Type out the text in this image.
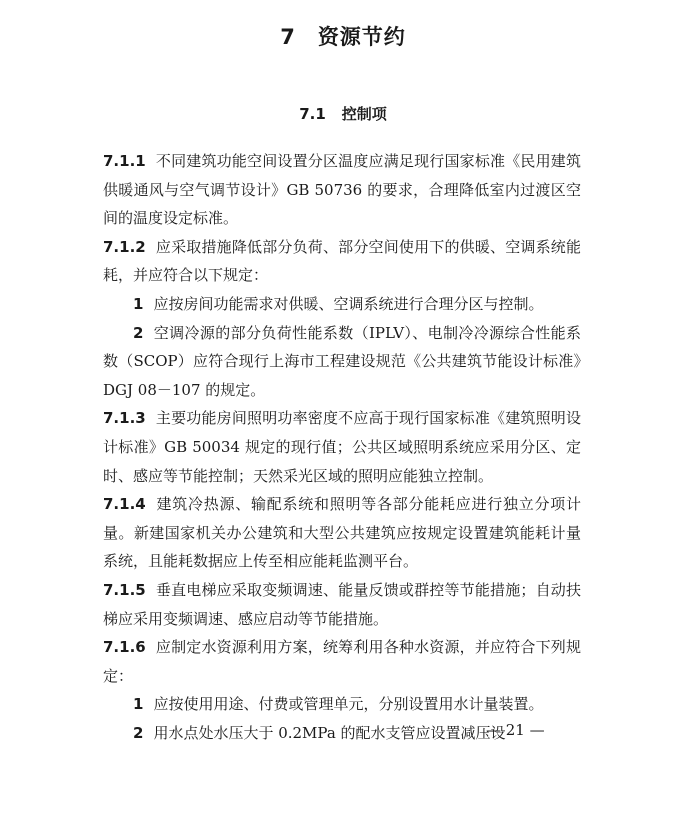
7 资源节约
7.1 控制项

7.1.1 不同建筑功能空间设置分区温度应满足现行国家标准《民用建筑供暖通风与空气调节设计》GB 50736 的要求，合理降低室内过渡区空间的温度设定标准。

7.1.2 应采取措施降低部分负荷、部分空间使用下的供暖、空调系统能耗，并应符合以下规定：

1 应按房间功能需求对供暖、空调系统进行合理分区与控制。

2 空调冷源的部分负荷性能系数（IPLV）、电制冷冷源综合性能系数（SCOP）应符合现行上海市工程建设规范《公共建筑节能设计标准》DGJ 08－107 的规定。

7.1.3 主要功能房间照明功率密度不应高于现行国家标准《建筑照明设计标准》GB 50034 规定的现行值；公共区域照明系统应采用分区、定时、感应等节能控制；天然采光区域的照明应能独立控制。

7.1.4 建筑冷热源、输配系统和照明等各部分能耗应进行独立分项计量。新建国家机关办公建筑和大型公共建筑应按规定设置建筑能耗计量系统，且能耗数据应上传至相应能耗监测平台。

7.1.5 垂直电梯应采取变频调速、能量反馈或群控等节能措施；自动扶梯应采用变频调速、感应启动等节能措施。

7.1.6 应制定水资源利用方案，统筹利用各种水资源，并应符合下列规定：

1 应按使用用途、付费或管理单元，分别设置用水计量装置。

2 用水点处水压大于 0.2MPa 的配水支管应设置减压设

— 21 —
